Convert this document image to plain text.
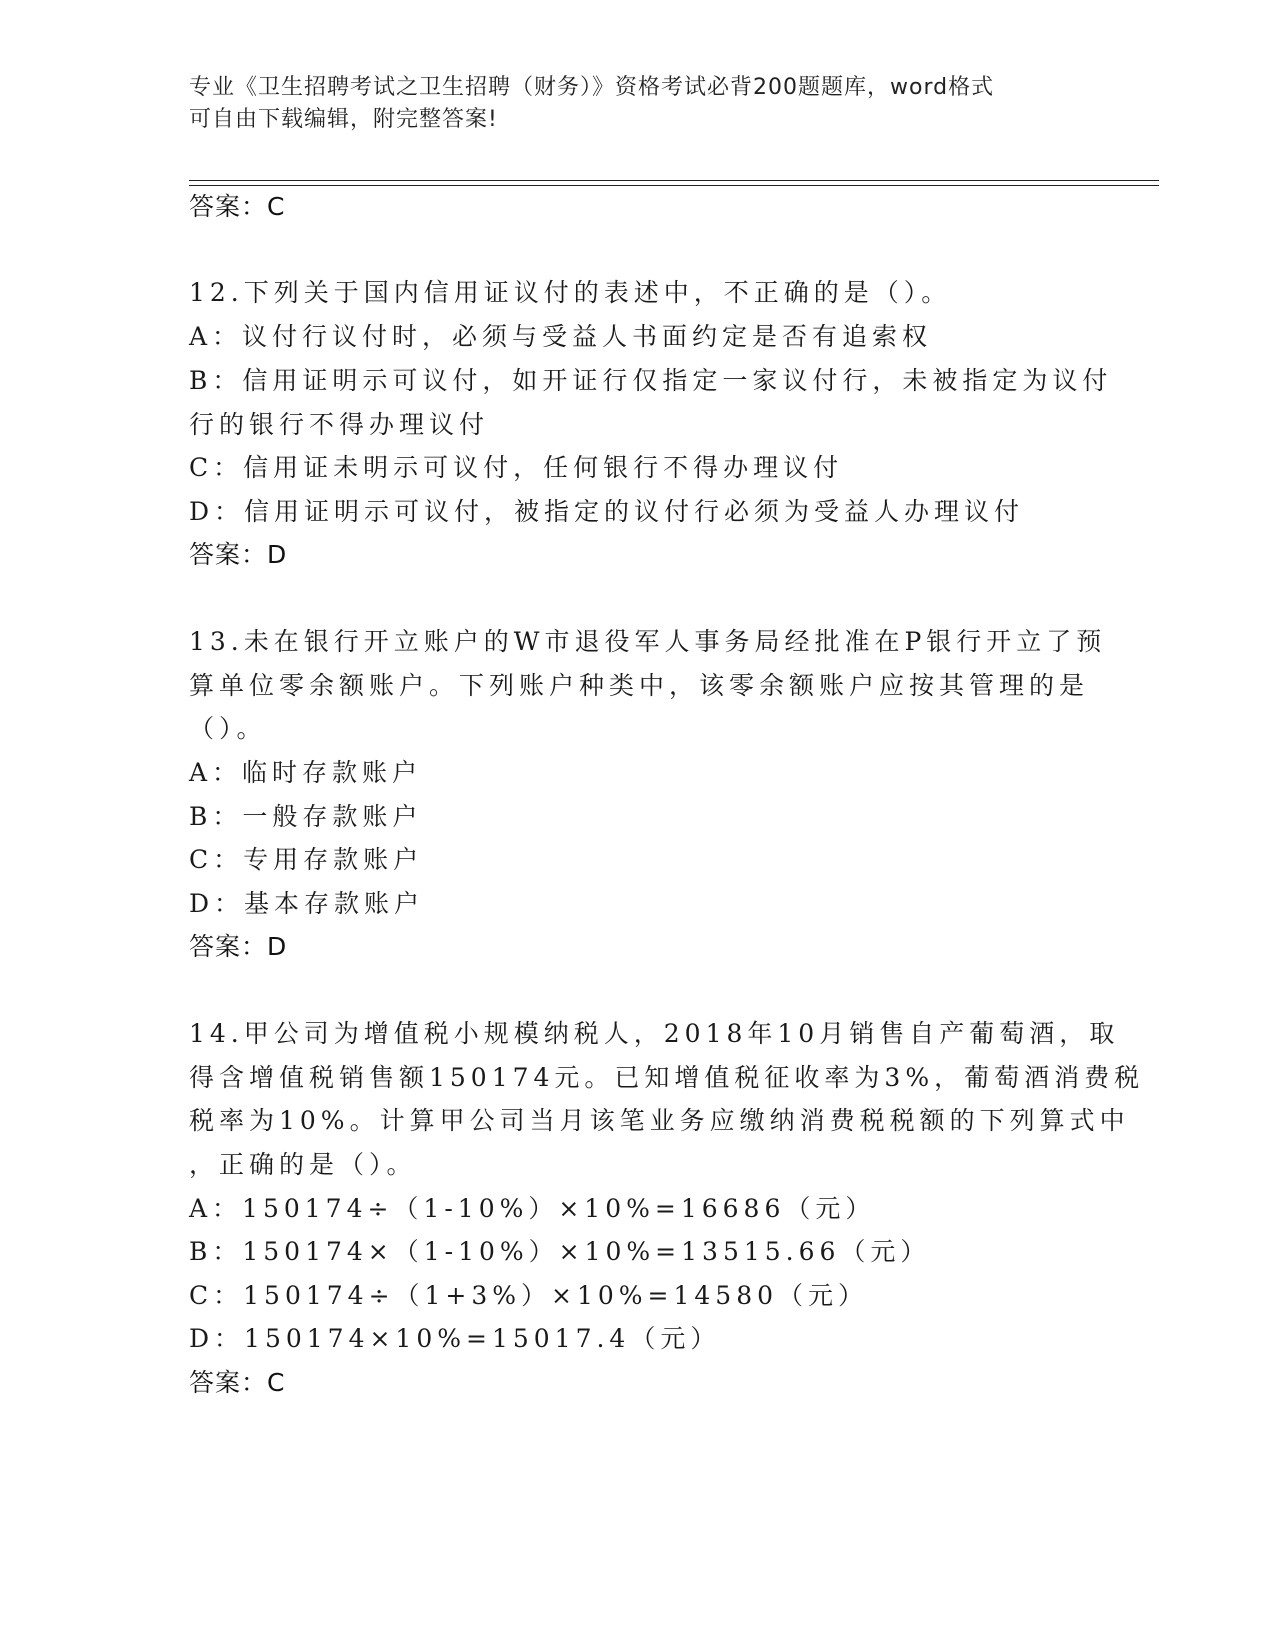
专业《卫生招聘考试之卫生招聘（财务）》资格考试必背200题题库，word格式
可自由下载编辑，附完整答案!
答案：C
12.下列关于国内信用证议付的表述中，不正确的是（）。
A：议付行议付时，必须与受益人书面约定是否有追索权
B：信用证明示可议付，如开证行仅指定一家议付行，未被指定为议付
行的银行不得办理议付
C：信用证未明示可议付，任何银行不得办理议付
D：信用证明示可议付，被指定的议付行必须为受益人办理议付
答案：D
13.未在银行开立账户的W市退役军人事务局经批准在P银行开立了预
算单位零余额账户。下列账户种类中，该零余额账户应按其管理的是
（）。
A：临时存款账户
B：一般存款账户
C：专用存款账户
D：基本存款账户
答案：D
14.甲公司为增值税小规模纳税人，2018年10月销售自产葡萄酒，取
得含增值税销售额150174元。已知增值税征收率为3%，葡萄酒消费税
税率为10%。计算甲公司当月该笔业务应缴纳消费税税额的下列算式中
，正确的是（）。
A：150174÷（1-10%）×10%=16686（元）
B：150174×（1-10%）×10%=13515.66（元）
C：150174÷（1+3%）×10%=14580（元）
D：150174×10%=15017.4（元）
答案：C
